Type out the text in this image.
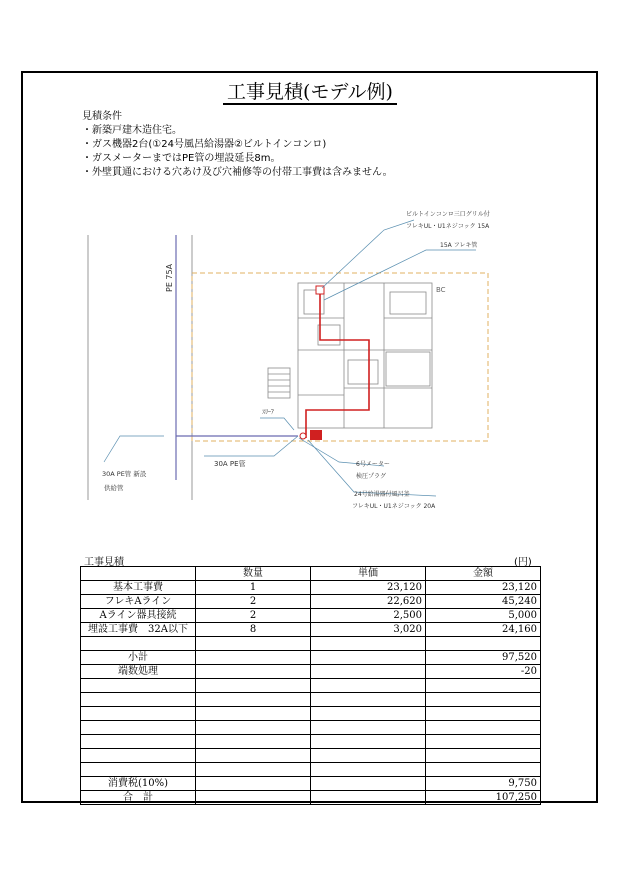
工事見積(モデル例)
見積条件
・新築戸建木造住宅。
・ガス機器2台(①24号風呂給湯器②ビルトインコンロ)
・ガスメーターまではPE管の埋設延長8m。
・外壁貫通における穴あけ及び穴補修等の付帯工事費は含みません。
PE 75A	BC
ビルトインコンロ三口グリル付
フレキUL・U1ネジコック 15A
15A フレキ管
ｽﾘｰｱ
30A PE管	6号メーター
検圧プラグ
24号給湯器付風呂釜
フレキUL・U1ネジコック 20A
30A PE管 新設
供給管
工事見積	(円)
	数量	単価	金額
基本工事費	1	23,120	23,120
フレキAライン	2	22,620	45,240
Aライン器具接続	2	2,500	5,000
埋設工事費　32A以下	8	3,020	24,160

小計			97,520
端数処理			-20

消費税(10%)			9,750
合　計			107,250
